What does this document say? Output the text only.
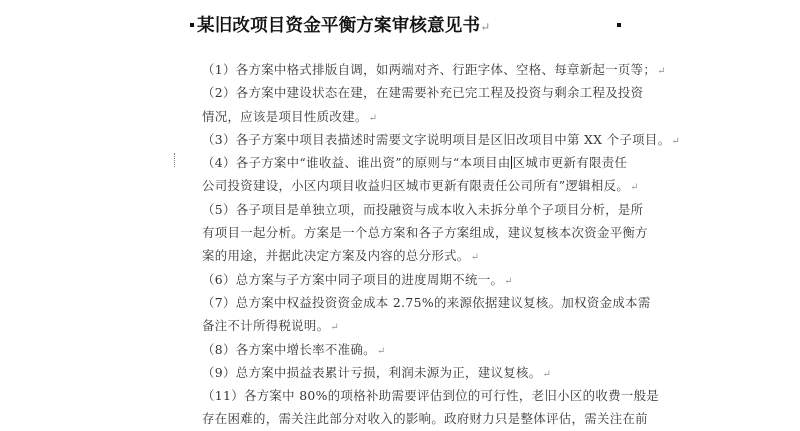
某旧改项目资金平衡方案审核意见书↵
（1）各方案中格式排版自调，如两端对齐、行距字体、空格、每章新起一页等；↵
（2）各方案中建设状态在建，在建需要补充已完工程及投资与剩余工程及投资
情况，应该是项目性质改建。↵
（3）各子方案中项目表描述时需要文字说明项目是区旧改项目中第 XX 个子项目。↵
（4）各子方案中“谁收益、谁出资”的原则与“本项目由 区城市更新有限责任
公司投资建设，小区内项目收益归区城市更新有限责任公司所有”逻辑相反。↵
（5）各子项目是单独立项，而投融资与成本收入未拆分单个子项目分析，是所
有项目一起分析。方案是一个总方案和各子方案组成，建议复核本次资金平衡方
案的用途，并据此决定方案及内容的总分形式。↵
（6）总方案与子方案中同子项目的进度周期不统一。↵
（7）总方案中权益投资资金成本 2.75%的来源依据建议复核。加权资金成本需
备注不计所得税说明。↵
（8）各方案中增长率不准确。↵
（9）总方案中损益表累计亏损，利润未源为正，建议复核。↵
（11）各方案中 80%的项格补助需要评估到位的可行性，老旧小区的收费一般是
存在困难的，需关注此部分对收入的影响。政府财力只是整体评估，需关注在前
